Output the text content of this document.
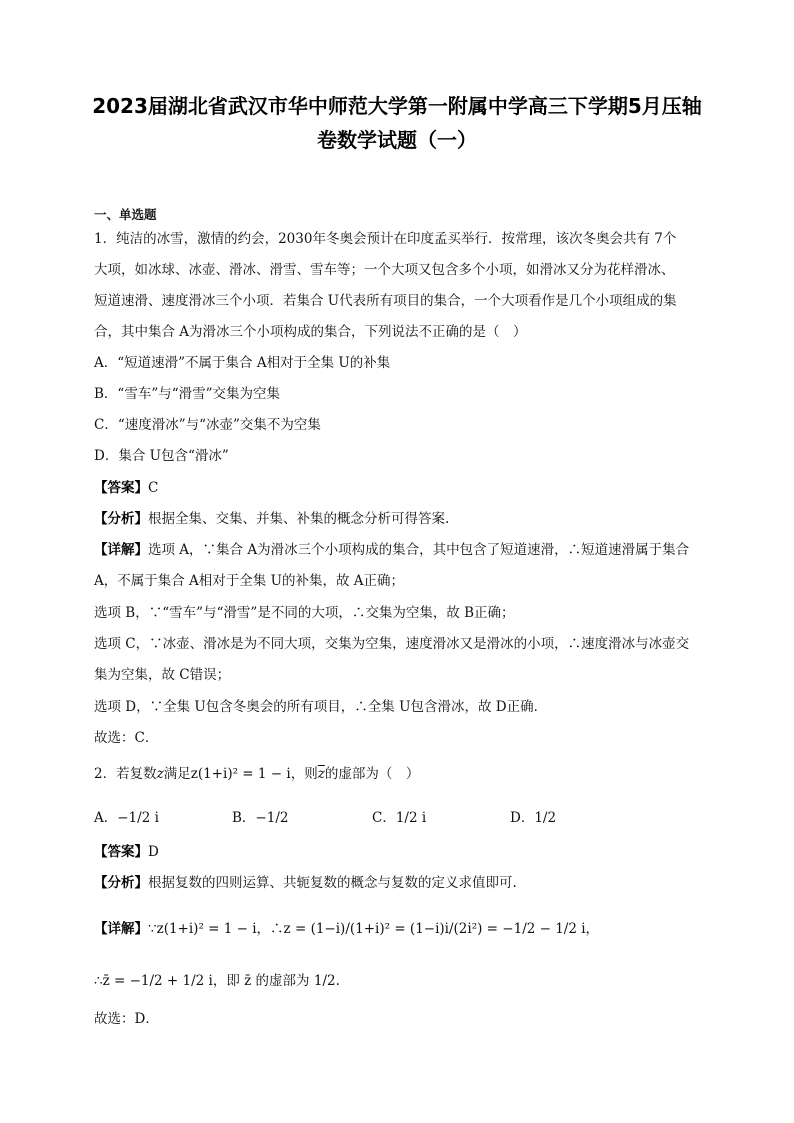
2023届湖北省武汉市华中师范大学第一附属中学高三下学期5月压轴
卷数学试题（一）
一、单选题
1．纯洁的冰雪，激情的约会，2030年冬奥会预计在印度孟买举行．按常理，该次冬奥会共有 7个
大项，如冰球、冰壶、滑冰、滑雪、雪车等；一个大项又包含多个小项，如滑冰又分为花样滑冰、
短道速滑、速度滑冰三个小项．若集合 U代表所有项目的集合，一个大项看作是几个小项组成的集
合，其中集合 A为滑冰三个小项构成的集合，下列说法不正确的是（　）
A．“短道速滑”不属于集合 A相对于全集 U的补集
B．“雪车”与“滑雪”交集为空集
C．“速度滑冰”与“冰壶”交集不为空集
D．集合 U包含“滑冰”
【答案】C
【分析】根据全集、交集、并集、补集的概念分析可得答案.
【详解】选项 A，∵集合 A为滑冰三个小项构成的集合，其中包含了短道速滑，∴短道速滑属于集合
A，不属于集合 A相对于全集 U的补集，故 A正确；
选项 B，∵“雪车”与“滑雪”是不同的大项，∴交集为空集，故 B正确；
选项 C，∵冰壶、滑冰是为不同大项，交集为空集，速度滑冰又是滑冰的小项，∴速度滑冰与冰壶交
集为空集，故 C错误；
选项 D，∵全集 U包含冬奥会的所有项目，∴全集 U包含滑冰，故 D正确．
故选：C．
2．若复数z满足z(1+i)² = 1 − i，则$\overline{z}$的虚部为（　）
A．−1/2 i	B．−1/2	C．1/2 i	D．1/2
【答案】D
【分析】根据复数的四则运算、共轭复数的概念与复数的定义求值即可.
【详解】∵z(1+i)² = 1 − i，∴z = (1−i)/(1+i)² = (1−i)i/(2i²) = −1/2 − 1/2 i，
∴z̄ = −1/2 + 1/2 i，即 z̄ 的虚部为 1/2.
故选：D．
